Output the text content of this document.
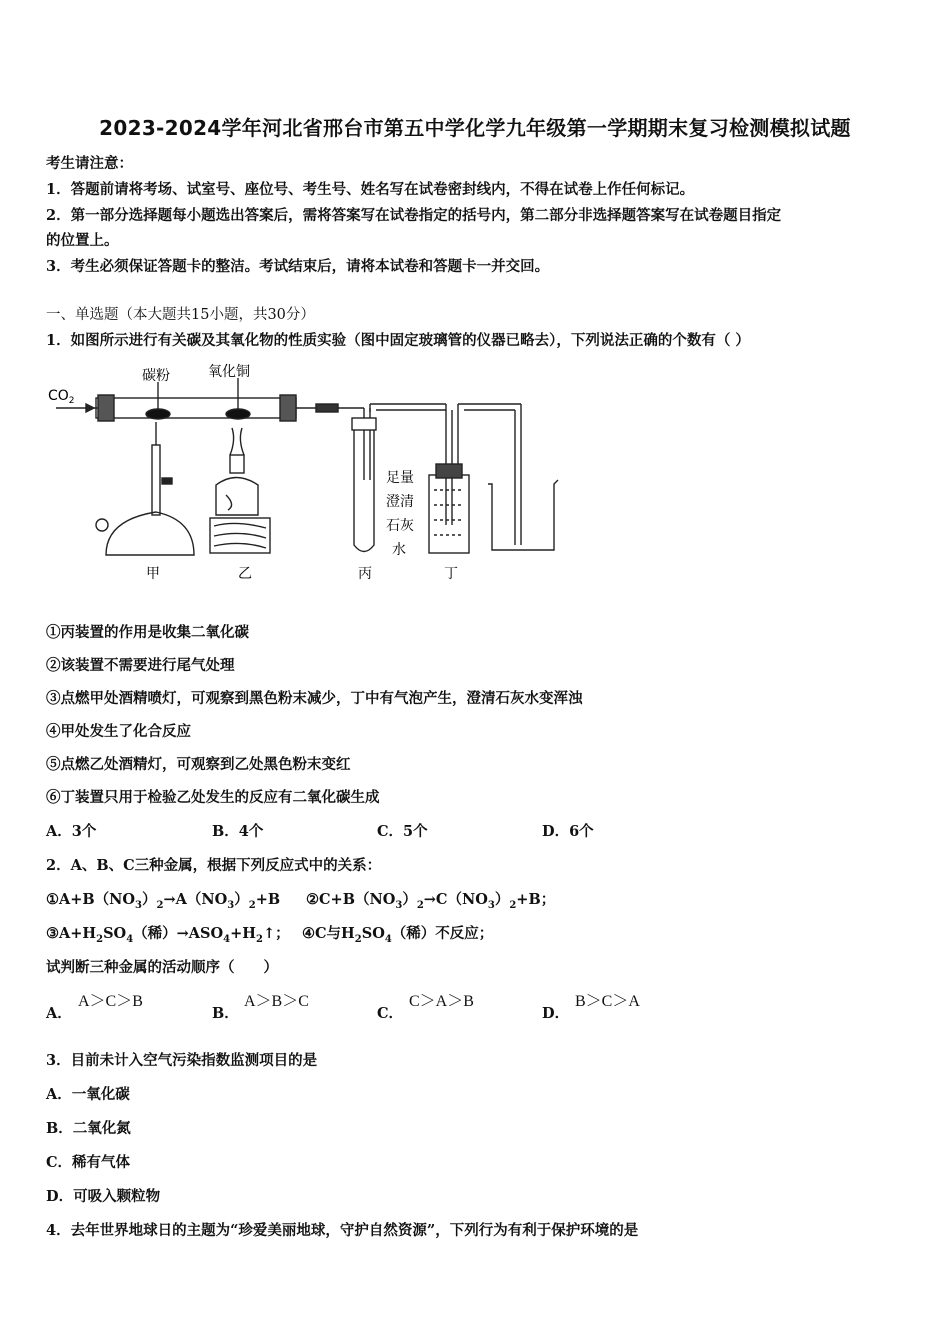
2023-2024学年河北省邢台市第五中学化学九年级第一学期期末复习检测模拟试题
考生请注意：
1．答题前请将考场、试室号、座位号、考生号、姓名写在试卷密封线内，不得在试卷上作任何标记。
2．第一部分选择题每小题选出答案后，需将答案写在试卷指定的括号内，第二部分非选择题答案写在试卷题目指定
的位置上。
3．考生必须保证答题卡的整洁。考试结束后，请将本试卷和答题卡一并交回。
一、单选题（本大题共15小题，共30分）
1．如图所示进行有关碳及其氧化物的性质实验（图中固定玻璃管的仪器已略去），下列说法正确的个数有（ ）
$CO_2$
碳粉	氧化铜
甲	乙	丙	丁
足量
澄清
石灰
水
①丙装置的作用是收集二氧化碳
②该装置不需要进行尾气处理
③点燃甲处酒精喷灯，可观察到黑色粉末减少，丁中有气泡产生，澄清石灰水变浑浊
④甲处发生了化合反应
⑤点燃乙处酒精灯，可观察到乙处黑色粉末变红
⑥丁装置只用于检验乙处发生的反应有二氧化碳生成
A．3个	B．4个	C．5个	D．6个
2．A、B、C三种金属，根据下列反应式中的关系：
$①A+B(NO_3)_2\to A(NO_3)_2+B$ $②C+B(NO_3)_2\to C(NO_3)_2+B$；
$③A+H_2SO_4$（稀）$\to ASO_4+H_2↑$； ④C与$H_2SO_4$（稀）不反应；
试判断三种金属的活动顺序（　　）
A．
A＞C＞B
B．
A＞B＞C
C．
C＞A＞B
D．
B＞C＞A
3．目前未计入空气污染指数监测项目的是
A．一氧化碳
B．二氧化氮
C．稀有气体
D．可吸入颗粒物
4．去年世界地球日的主题为“珍爱美丽地球，守护自然资源”，下列行为有利于保护环境的是
